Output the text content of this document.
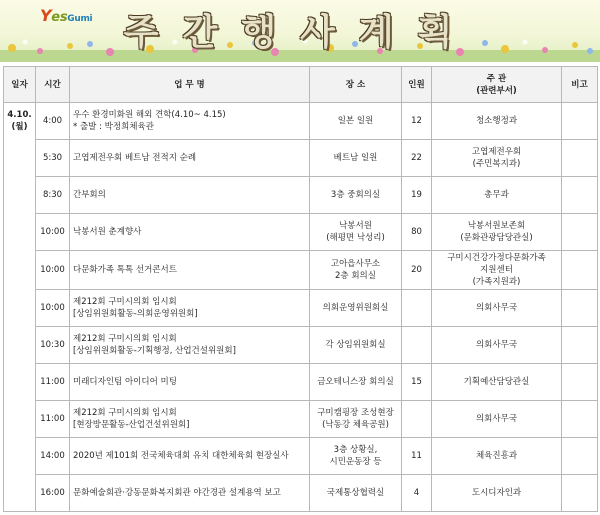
YesGumi 주간행사계획
일자	시간	업 무 명	장 소	인원	주 관
(관련부서)	비고
4.10.
(월)	4:00	우수 환경미화원 해외 견학(4.10~ 4.15)
* 출발 : 박정희체육관	일본 일원	12	청소행정과	
	5:30	고엽제전우회 베트남 전적지 순례	베트남 일원	22	고엽제전우회
(주민복지과)	
	8:30	간부회의	3층 중회의실	19	총무과	
	10:00	낙봉서원 춘계향사	낙봉서원
(해평면 낙성리)	80	낙봉서원보존회
(문화관광담당관실)	
	10:00	다문화가족 톡톡 선거콘서트	고아읍사무소
2층 회의실	20	구미시건강가정다문화가족
지원센터
(가족지원과)	
	10:00	제212회 구미시의회 임시회
[상임위원회활동-의회운영위원회]	의회운영위원회실		의회사무국	
	10:30	제212회 구미시의회 임시회
[상임위원회활동-기획행정, 산업건설위원회]	각 상임위원회실		의회사무국	
	11:00	미래디자인팀 아이디어 미팅	금오테니스장 회의실	15	기획예산담당관실	
	11:00	제212회 구미시의회 임시회
[현장방문활동-산업건설위원회]	구미캠핑장 조성현장
(낙동강 체육공원)		의회사무국	
	14:00	2020년 제101회 전국체육대회 유치 대한체육회 현장실사	3층 상황실,
시민운동장 등	11	체육진흥과	
	16:00	문화예술회관·강동문화복지회관 야간경관 설계용역 보고	국제통상협력실	4	도시디자인과	
